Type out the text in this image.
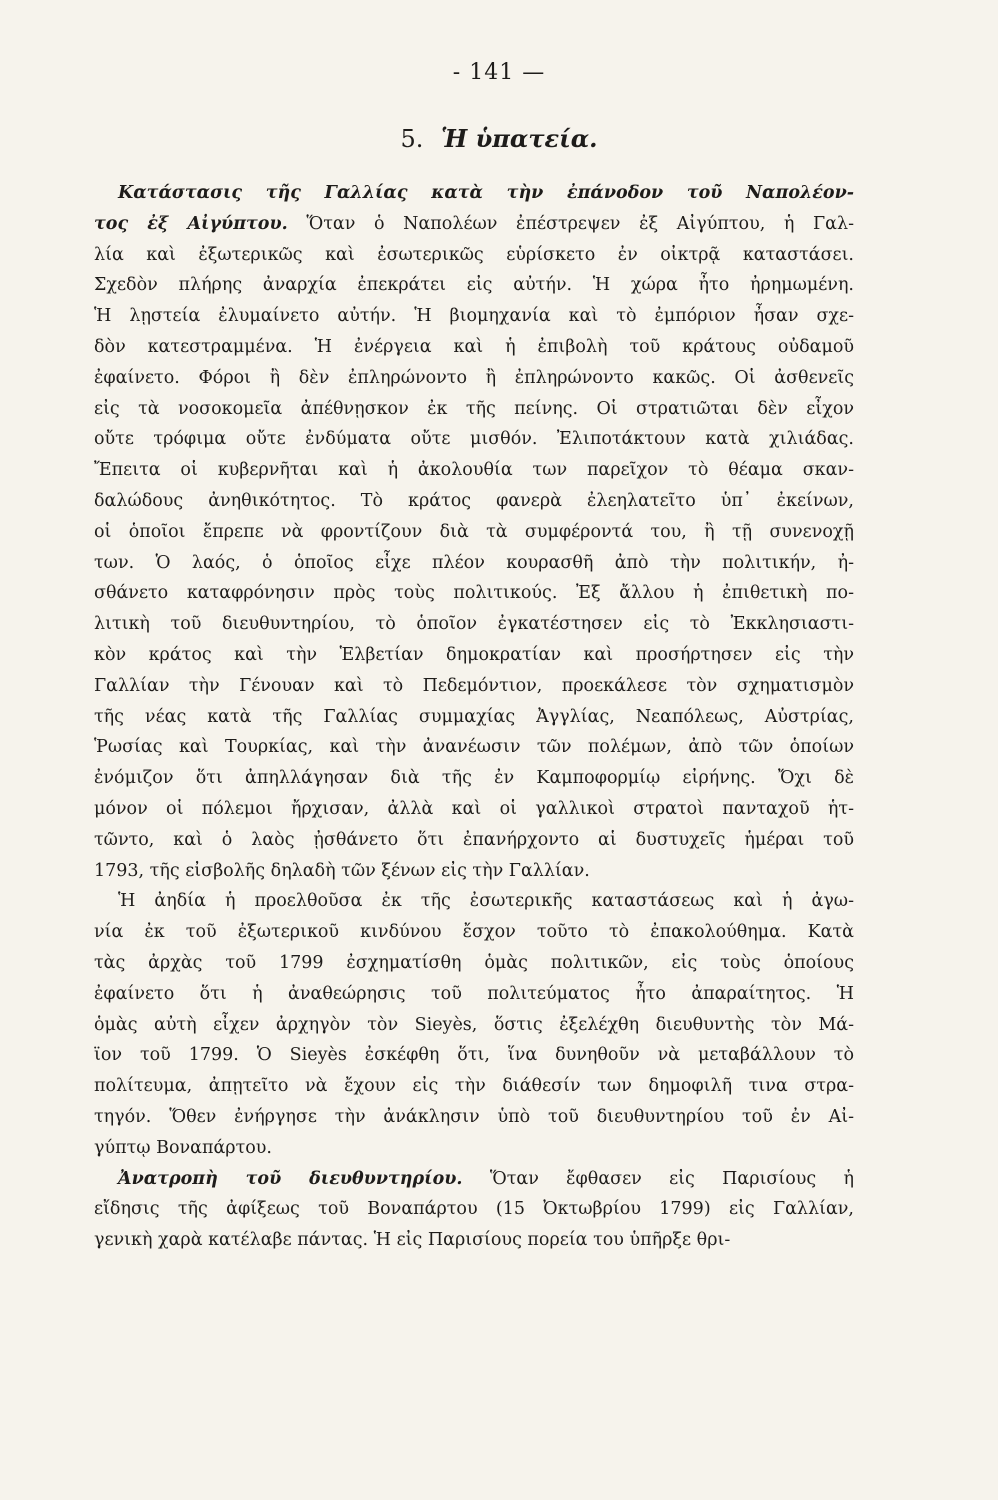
- 141 —
5. Ἡ ὑπατεία.
Κατάστασις τῆς Γαλλίας κατὰ τὴν ἐπάνοδον τοῦ Ναπολέον-
τος ἐξ Αἰγύπτου. Ὅταν ὁ Ναπολέων ἐπέστρεψεν ἐξ Αἰγύπτου, ἡ Γαλ-
λία καὶ ἐξωτερικῶς καὶ ἐσωτερικῶς εὑρίσκετο ἐν οἰκτρᾷ καταστάσει.
Σχεδὸν πλήρης ἀναρχία ἐπεκράτει εἰς αὐτήν. Ἡ χώρα ἦτο ἠρημωμένη.
Ἡ λῃστεία ἐλυμαίνετο αὐτήν. Ἡ βιομηχανία καὶ τὸ ἐμπόριον ἦσαν σχε-
δὸν κατεστραμμένα. Ἡ ἐνέργεια καὶ ἡ ἐπιβολὴ τοῦ κράτους οὐδαμοῦ
ἐφαίνετο. Φόροι ἢ δὲν ἐπληρώνοντο ἢ ἐπληρώνοντο κακῶς. Οἱ ἀσθενεῖς
εἰς τὰ νοσοκομεῖα ἀπέθνῃσκον ἐκ τῆς πείνης. Οἱ στρατιῶται δὲν εἶχον
οὔτε τρόφιμα οὔτε ἐνδύματα οὔτε μισθόν. Ἐλιποτάκτουν κατὰ χιλιάδας.
Ἔπειτα οἱ κυβερνῆται καὶ ἡ ἀκολουθία των παρεῖχον τὸ θέαμα σκαν-
δαλώδους ἀνηθικότητος. Τὸ κράτος φανερὰ ἐλεηλατεῖτο ὑπ᾽ ἐκείνων,
οἱ ὁποῖοι ἔπρεπε νὰ φροντίζουν διὰ τὰ συμφέροντά του, ἢ τῇ συνενοχῇ
των. Ὁ λαός, ὁ ὁποῖος εἶχε πλέον κουρασθῆ ἀπὸ τὴν πολιτικήν, ἠ-
σθάνετο καταφρόνησιν πρὸς τοὺς πολιτικούς. Ἐξ ἄλλου ἡ ἐπιθετικὴ πο-
λιτικὴ τοῦ διευθυντηρίου, τὸ ὁποῖον ἐγκατέστησεν εἰς τὸ Ἐκκλησιαστι-
κὸν κράτος καὶ τὴν Ἑλβετίαν δημοκρατίαν καὶ προσήρτησεν εἰς τὴν
Γαλλίαν τὴν Γένουαν καὶ τὸ Πεδεμόντιον, προεκάλεσε τὸν σχηματισμὸν
τῆς νέας κατὰ τῆς Γαλλίας συμμαχίας Ἀγγλίας, Νεαπόλεως, Αὐστρίας,
Ῥωσίας καὶ Τουρκίας, καὶ τὴν ἀνανέωσιν τῶν πολέμων, ἀπὸ τῶν ὁποίων
ἐνόμιζον ὅτι ἀπηλλάγησαν διὰ τῆς ἐν Καμποφορμίῳ εἰρήνης. Ὄχι δὲ
μόνον οἱ πόλεμοι ἤρχισαν, ἀλλὰ καὶ οἱ γαλλικοὶ στρατοὶ πανταχοῦ ἡτ-
τῶντο, καὶ ὁ λαὸς ᾐσθάνετο ὅτι ἐπανήρχοντο αἱ δυστυχεῖς ἡμέραι τοῦ
1793, τῆς εἰσβολῆς δηλαδὴ τῶν ξένων εἰς τὴν Γαλλίαν.
Ἡ ἀηδία ἡ προελθοῦσα ἐκ τῆς ἐσωτερικῆς καταστάσεως καὶ ἡ ἀγω-
νία ἐκ τοῦ ἐξωτερικοῦ κινδύνου ἔσχον τοῦτο τὸ ἐπακολούθημα. Κατὰ
τὰς ἀρχὰς τοῦ 1799 ἐσχηματίσθη ὁμὰς πολιτικῶν, εἰς τοὺς ὁποίους
ἐφαίνετο ὅτι ἡ ἀναθεώρησις τοῦ πολιτεύματος ἦτο ἀπαραίτητος. Ἡ
ὁμὰς αὐτὴ εἶχεν ἀρχηγὸν τὸν Sieyès, ὅστις ἐξελέχθη διευθυντὴς τὸν Μά-
ϊον τοῦ 1799. Ὁ Sieyès ἐσκέφθη ὅτι, ἵνα δυνηθοῦν νὰ μεταβάλλουν τὸ
πολίτευμα, ἀπῃτεῖτο νὰ ἔχουν εἰς τὴν διάθεσίν των δημοφιλῆ τινα στρα-
τηγόν. Ὅθεν ἐνήργησε τὴν ἀνάκλησιν ὑπὸ τοῦ διευθυντηρίου τοῦ ἐν Αἰ-
γύπτῳ Βοναπάρτου.
Ἀνατροπὴ τοῦ διευθυντηρίου. Ὅταν ἔφθασεν εἰς Παρισίους ἡ
εἴδησις τῆς ἀφίξεως τοῦ Βοναπάρτου (15 Ὀκτωβρίου 1799) εἰς Γαλλίαν,
γενικὴ χαρὰ κατέλαβε πάντας. Ἡ εἰς Παρισίους πορεία του ὑπῆρξε θρι-
